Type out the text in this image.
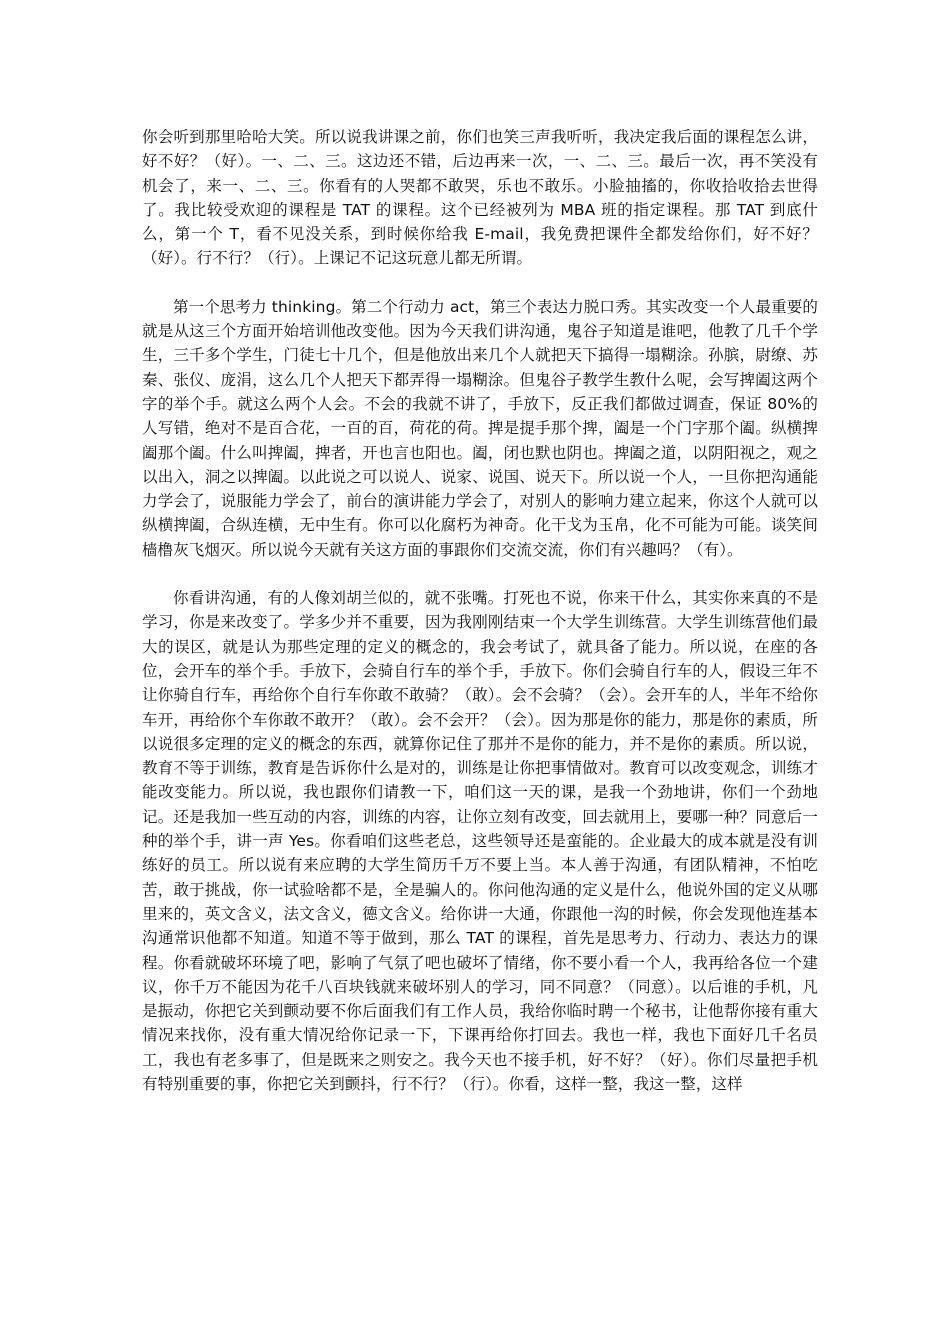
你会听到那里哈哈大笑。所以说我讲课之前，你们也笑三声我听听，我决定我后面的课程怎么讲，好不好？（好）。一、二、三。这边还不错，后边再来一次，一、二、三。最后一次，再不笑没有机会了，来一、二、三。你看有的人哭都不敢哭，乐也不敢乐。小脸抽搐的，你收拾收拾去世得了。我比较受欢迎的课程是 TAT 的课程。这个已经被列为 MBA 班的指定课程。那 TAT 到底什么，第一个 T，看不见没关系，到时候你给我 E-mail，我免费把课件全都发给你们，好不好？（好）。行不行？（行）。上课记不记这玩意儿都无所谓。

第一个思考力 thinking。第二个行动力 act，第三个表达力脱口秀。其实改变一个人最重要的就是从这三个方面开始培训他改变他。因为今天我们讲沟通，鬼谷子知道是谁吧，他教了几千个学生，三千多个学生，门徒七十几个，但是他放出来几个人就把天下搞得一塌糊涂。孙膑，尉缭、苏秦、张仪、庞涓，这么几个人把天下都弄得一塌糊涂。但鬼谷子教学生教什么呢，会写捭阖这两个字的举个手。就这么两个人会。不会的我就不讲了，手放下，反正我们都做过调查，保证 80%的人写错，绝对不是百合花，一百的百，荷花的荷。捭是提手那个捭，阖是一个门字那个阖。纵横捭阖那个阖。什么叫捭阖，捭者，开也言也阳也。阖，闭也默也阴也。捭阖之道，以阴阳视之，观之以出入，洞之以捭阖。以此说之可以说人、说家、说国、说天下。所以说一个人，一旦你把沟通能力学会了，说服能力学会了，前台的演讲能力学会了，对别人的影响力建立起来，你这个人就可以纵横捭阖，合纵连横，无中生有。你可以化腐朽为神奇。化干戈为玉帛，化不可能为可能。谈笑间樯橹灰飞烟灭。所以说今天就有关这方面的事跟你们交流交流，你们有兴趣吗？（有）。

你看讲沟通，有的人像刘胡兰似的，就不张嘴。打死也不说，你来干什么，其实你来真的不是学习，你是来改变了。学多少并不重要，因为我刚刚结束一个大学生训练营。大学生训练营他们最大的误区，就是认为那些定理的定义的概念的，我会考试了，就具备了能力。所以说，在座的各位，会开车的举个手。手放下，会骑自行车的举个手，手放下。你们会骑自行车的人，假设三年不让你骑自行车，再给你个自行车你敢不敢骑？（敢）。会不会骑？（会）。会开车的人，半年不给你车开，再给你个车你敢不敢开？（敢）。会不会开？（会）。因为那是你的能力，那是你的素质，所以说很多定理的定义的概念的东西，就算你记住了那并不是你的能力，并不是你的素质。所以说，教育不等于训练，教育是告诉你什么是对的，训练是让你把事情做对。教育可以改变观念，训练才能改变能力。所以说，我也跟你们请教一下，咱们这一天的课，是我一个劲地讲，你们一个劲地记。还是我加一些互动的内容，训练的内容，让你立刻有改变，回去就用上，要哪一种？同意后一种的举个手，讲一声 Yes。你看咱们这些老总，这些领导还是蛮能的。企业最大的成本就是没有训练好的员工。所以说有来应聘的大学生简历千万不要上当。本人善于沟通，有团队精神，不怕吃苦，敢于挑战，你一试验啥都不是，全是骗人的。你问他沟通的定义是什么，他说外国的定义从哪里来的，英文含义，法文含义，德文含义。给你讲一大通，你跟他一沟的时候，你会发现他连基本沟通常识他都不知道。知道不等于做到，那么 TAT 的课程，首先是思考力、行动力、表达力的课程。你看就破坏环境了吧，影响了气氛了吧也破坏了情绪，你不要小看一个人，我再给各位一个建议，你千万不能因为花千八百块钱就来破坏别人的学习，同不同意？（同意）。以后谁的手机，凡是振动，你把它关到颤动要不你后面我们有工作人员，我给你临时聘一个秘书，让他帮你接有重大情况来找你，没有重大情况给你记录一下，下课再给你打回去。我也一样，我也下面好几千名员工，我也有老多事了，但是既来之则安之。我今天也不接手机，好不好？（好）。你们尽量把手机有特别重要的事，你把它关到颤抖，行不行？（行）。你看，这样一整，我这一整，这样
